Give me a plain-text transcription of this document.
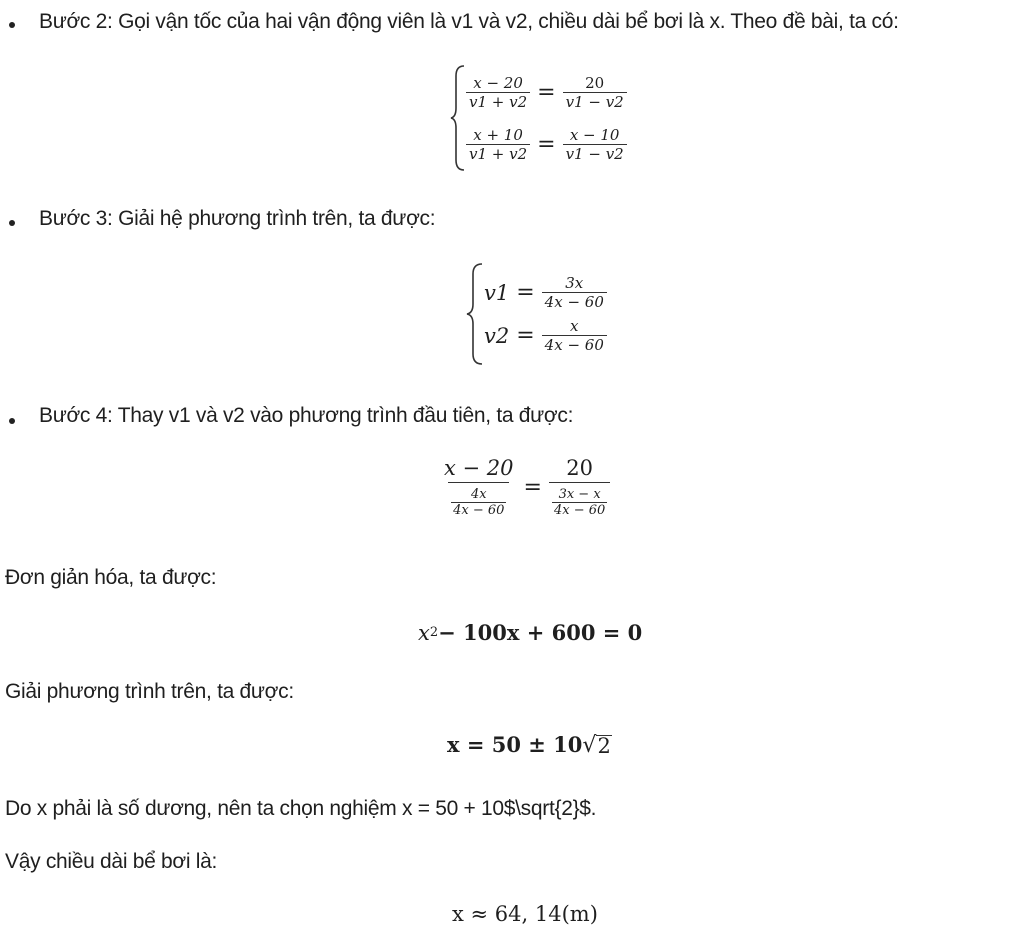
Bước 2: Gọi vận tốc của hai vận động viên là v1 và v2, chiều dài bể bơi là x. Theo đề bài, ta có:
$\frac{x - 20}{v1 + v2} = \frac{20}{v1 - v2}$
$\frac{x + 10}{v1 + v2} = \frac{x - 10}{v1 - v2}$
Bước 3: Giải hệ phương trình trên, ta được:
$v1 = \frac{3x}{4x - 60}$
$v2 = \frac{x}{4x - 60}$
Bước 4: Thay v1 và v2 vào phương trình đầu tiên, ta được:
$\frac{x - 20}{\frac{4x}{4x - 60}} = \frac{20}{\frac{3x - x}{4x - 60}}$
Đơn giản hóa, ta được:
x 2 − 100x + 600 = 0
Giải phương trình trên, ta được:
x = 50 ± 10 √ 2
Do x phải là số dương, nên ta chọn nghiệm x = 50 + 10$\sqrt{2}$.
Vậy chiều dài bể bơi là:
x ≈ 64, 14(m)
